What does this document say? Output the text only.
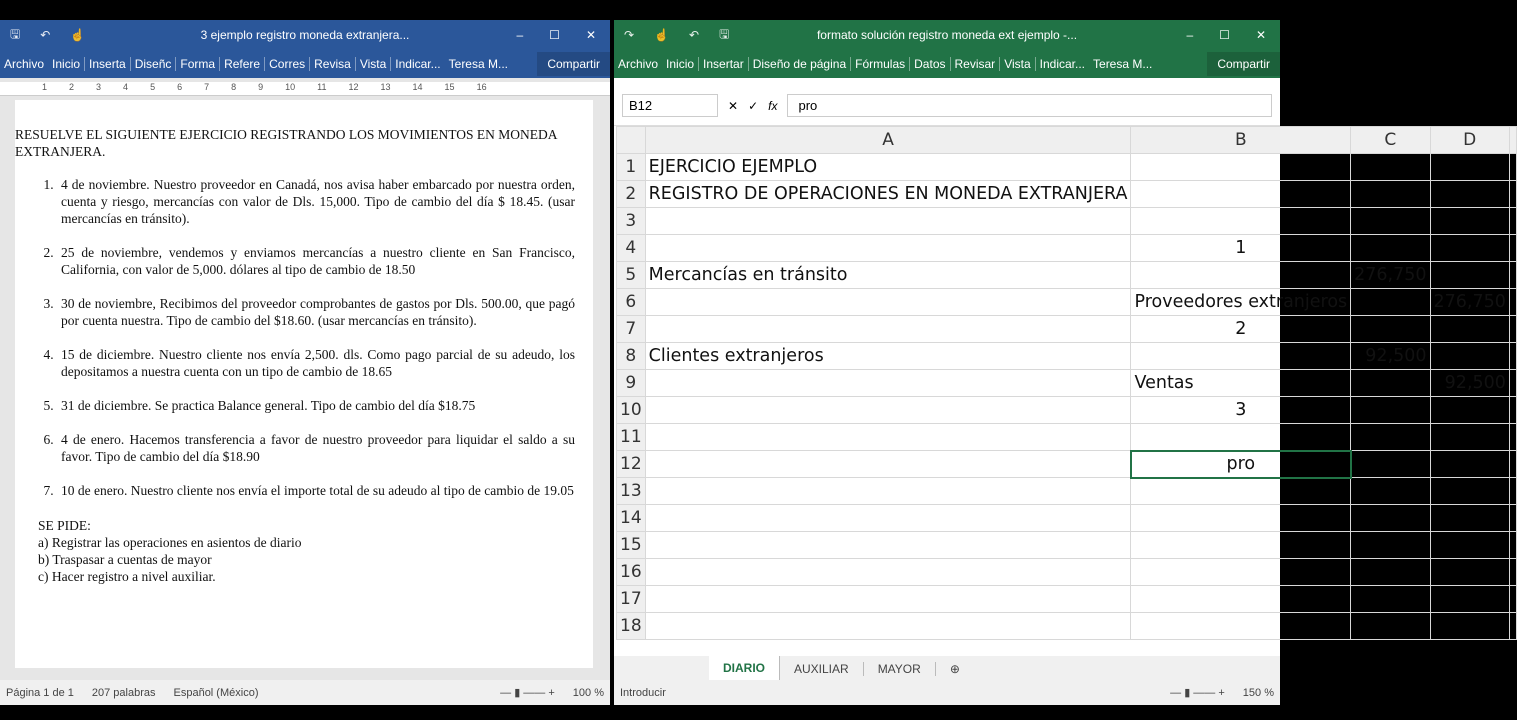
🖫 ↶ ☝	3 ejemplo registro moneda extranjera...	– ☐ ✕
Archivo Inicio Inserta Diseñc Forma Refere Corres Revisa Vista Indicar... Teresa M...	Compartir
1 2 3 4 5 6 7 8 9 10 11 12 13 14 15 16
RESUELVE EL SIGUIENTE EJERCICIO REGISTRANDO LOS MOVIMIENTOS EN MONEDA EXTRANJERA.
1. 4 de noviembre. Nuestro proveedor en Canadá, nos avisa haber embarcado por nuestra orden, cuenta y riesgo, mercancías con valor de Dls. 15,000. Tipo de cambio del día $ 18.45. (usar mercancías en tránsito).
2. 25 de noviembre, vendemos y enviamos mercancías a nuestro cliente en San Francisco, California, con valor de 5,000. dólares al tipo de cambio de 18.50
3. 30 de noviembre, Recibimos del proveedor comprobantes de gastos por Dls. 500.00, que pagó por cuenta nuestra. Tipo de cambio del $18.60. (usar mercancías en tránsito).
4. 15 de diciembre. Nuestro cliente nos envía 2,500. dls. Como pago parcial de su adeudo, los depositamos a nuestra cuenta con un tipo de cambio de 18.65
5. 31 de diciembre. Se practica Balance general. Tipo de cambio del día $18.75
6. 4 de enero. Hacemos transferencia a favor de nuestro proveedor para liquidar el saldo a su favor. Tipo de cambio del día $18.90
7. 10 de enero. Nuestro cliente nos envía el importe total de su adeudo al tipo de cambio de 19.05
SE PIDE:
a) Registrar las operaciones en asientos de diario
b) Traspasar a cuentas de mayor
c) Hacer registro a nivel auxiliar.
Página 1 de 1 207 palabras Español (México)	— ▮ —— + 100 %
↷ ☝ ↶ 🖫	formato solución registro moneda ext ejemplo -...	– ☐ ✕
Archivo Inicio Insertar Diseño de página Fórmulas Datos Revisar Vista Indicar... Teresa M...	Compartir
B12	✕ ✓ fx	pro
	A	B	C	D	
1	EJERCICIO EJEMPLO				
2	REGISTRO DE OPERACIONES EN MONEDA EXTRANJERA				
3					
4		1			
5	Mercancías en tránsito		276,750		
6		Proveedores extranjeros		276,750	
7		2			
8	Clientes extranjeros		92,500		
9		Ventas		92,500	
10		3			
11					
12		pro			
13					
14					
15					
16					
17					
18					
DIARIO	AUXILIAR	MAYOR	⊕
Introducir	— ▮ —— + 150 %
